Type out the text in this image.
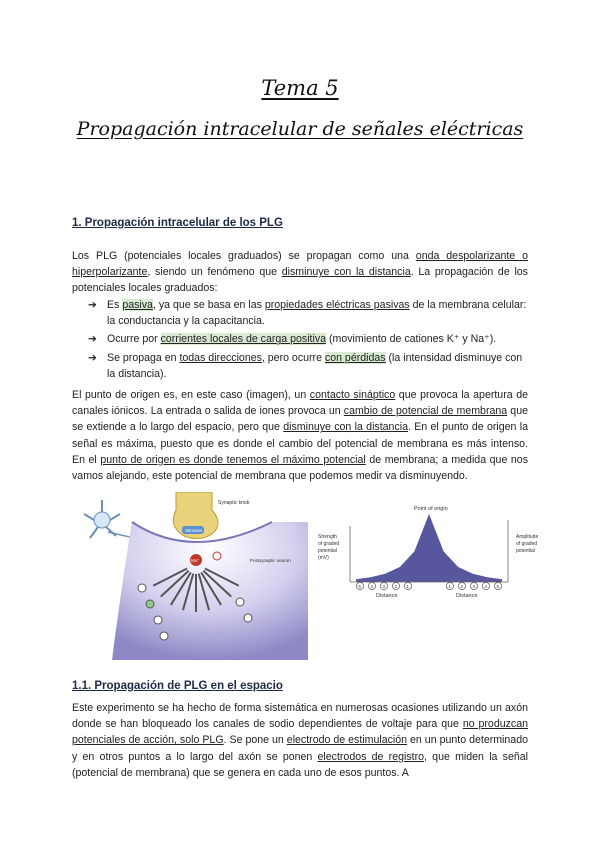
Tema 5
Propagación intracelular de señales eléctricas
1. Propagación intracelular de los PLG
Los PLG (potenciales locales graduados) se propagan como una onda despolarizante o hiperpolarizante, siendo un fenómeno que disminuye con la distancia. La propagación de los potenciales locales graduados:
➔ Es pasiva, ya que se basa en las propiedades eléctricas pasivas de la membrana celular: la conductancia y la capacitancia.
➔ Ocurre por corrientes locales de carga positiva (movimiento de cationes K⁺ y Na⁺).
➔ Se propaga en todas direcciones, pero ocurre con pérdidas (la intensidad disminuye con la distancia).
El punto de origen es, en este caso (imagen), un contacto sináptico que provoca la apertura de canales iónicos. La entrada o salida de iones provoca un cambio de potencial de membrana que se extiende a lo largo del espacio, pero que disminuye con la distancia. En el punto de origen la señal es máxima, puesto que es donde el cambio del potencial de membrana es más intenso. En el punto de origen es donde tenemos el máximo potencial de membrana; a medida que nos vamos alejando, este potencial de membrana que podemos medir va disminuyendo.
Synaptic knob
Stimulus
Postsynaptic neuron
Na⁺
Point of origin
Strength
of graded
potential
(mV)
Amplitude
of graded
potential
5 4 3 2 1	1 2 3 4 5
Distance	Distance
1.1. Propagación de PLG en el espacio
Este experimento se ha hecho de forma sistemática en numerosas ocasiones utilizando un axón donde se han bloqueado los canales de sodio dependientes de voltaje para que no produzcan potenciales de acción, solo PLG. Se pone un electrodo de estimulación en un punto determinado y en otros puntos a lo largo del axón se ponen electrodos de registro, que miden la señal (potencial de membrana) que se genera en cada uno de esos puntos. A
